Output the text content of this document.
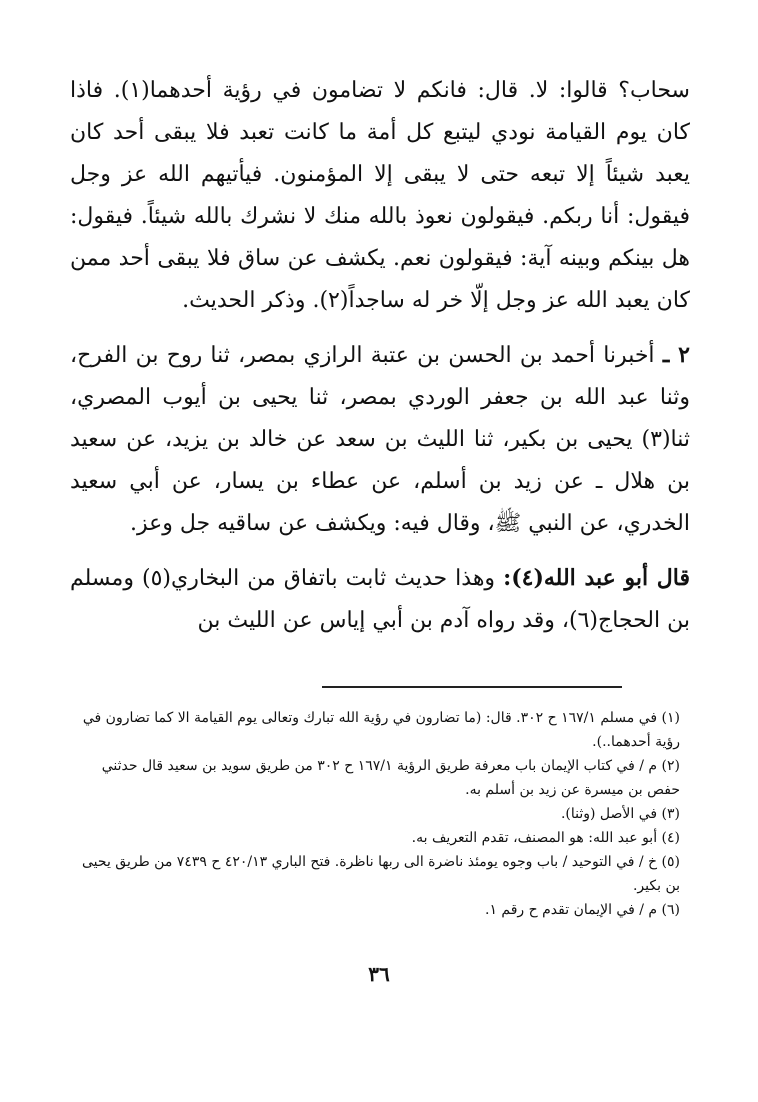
سحاب؟ قالوا: لا. قال: فانكم لا تضامون في رؤية أحدهما(١). فاذا كان يوم القيامة نودي ليتبع كل أمة ما كانت تعبد فلا يبقى أحد كان يعبد شيئاً إلا تبعه حتى لا يبقى إلا المؤمنون. فيأتيهم الله عز وجل فيقول: أنا ربكم. فيقولون نعوذ بالله منك لا نشرك بالله شيئاً. فيقول: هل بينكم وبينه آية: فيقولون نعم. يكشف عن ساق فلا يبقى أحد ممن كان يعبد الله عز وجل إلّا خر له ساجداً(٢). وذكر الحديث.

٢ ـ أخبرنا أحمد بن الحسن بن عتبة الرازي بمصر، ثنا روح بن الفرح، وثنا عبد الله بن جعفر الوردي بمصر، ثنا يحيى بن أيوب المصري، ثنا(٣) يحيى بن بكير، ثنا الليث بن سعد عن خالد بن يزيد، عن سعيد بن هلال ـ عن زيد بن أسلم، عن عطاء بن يسار، عن أبي سعيد الخدري، عن النبي ﷺ، وقال فيه: ويكشف عن ساقيه جل وعز.

قال أبو عبد الله(٤): وهذا حديث ثابت باتفاق من البخاري(٥) ومسلم بن الحجاج(٦)، وقد رواه آدم بن أبي إياس عن الليث بن

(١) في مسلم ١٦٧/١ ح ٣٠٢. قال: (ما تضارون في رؤية الله تبارك وتعالى يوم القيامة الا كما تضارون في رؤية أحدهما..).

(٢) م / في كتاب الإيمان باب معرفة طريق الرؤية ١٦٧/١ ح ٣٠٢ من طريق سويد بن سعيد قال حدثني حفص بن ميسرة عن زيد بن أسلم به.

(٣) في الأصل (وثنا).

(٤) أبو عبد الله: هو المصنف، تقدم التعريف به.

(٥) خ / في التوحيد / باب وجوه يومئذ ناضرة الى ربها ناظرة. فتح الباري ٤٢٠/١٣ ح ٧٤٣٩ من طريق يحيى بن بكير.

(٦) م / في الإيمان تقدم ح رقم ١.

٣٦
